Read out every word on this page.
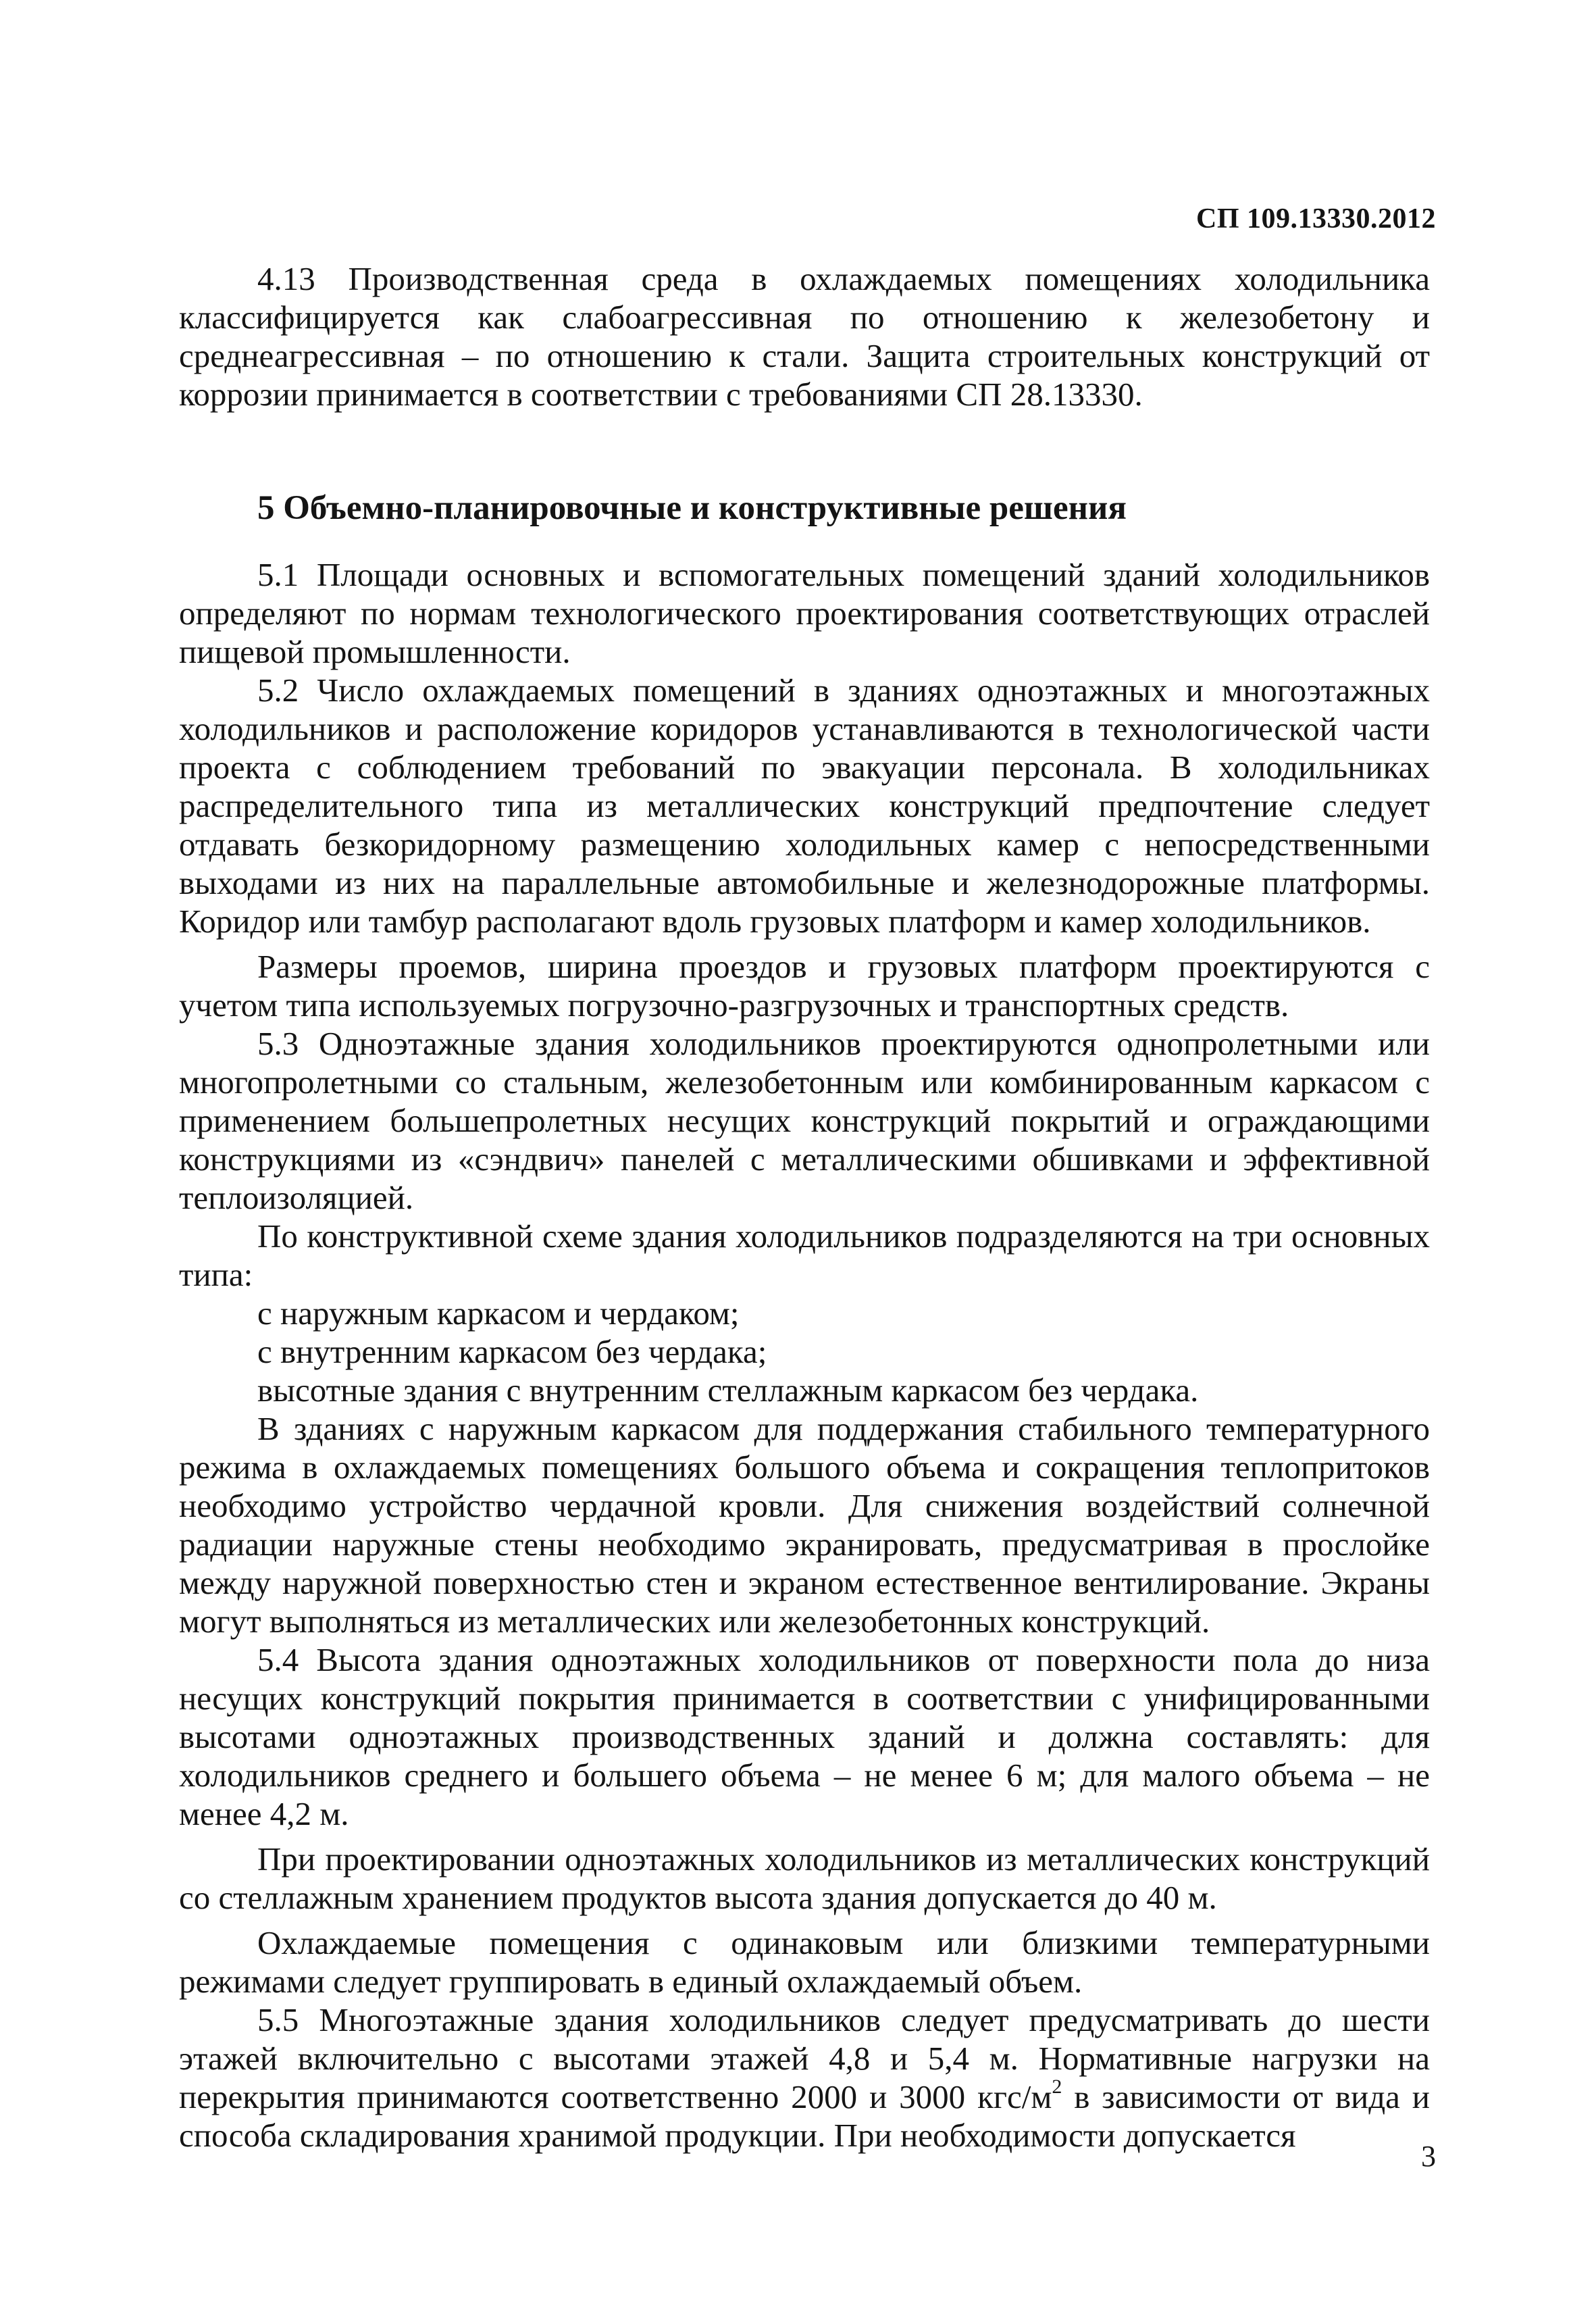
СП 109.13330.2012

4.13 Производственная среда в охлаждаемых помещениях холодильника классифицируется как слабоагрессивная по отношению к железобетону и среднеагрессивная – по отношению к стали. Защита строительных конструкций от коррозии принимается в соответствии с требованиями СП 28.13330.

5 Объемно-планировочные и конструктивные решения

5.1 Площади основных и вспомогательных помещений зданий холодильников определяют по нормам технологического проектирования соответствующих отраслей пищевой промышленности.

5.2 Число охлаждаемых помещений в зданиях одноэтажных и многоэтажных холодильников и расположение коридоров устанавливаются в технологической части проекта с соблюдением требований по эвакуации персонала. В холодильниках распределительного типа из металлических конструкций предпочтение следует отдавать безкоридорному размещению холодильных камер с непосредственными выходами из них на параллельные автомобильные и железнодорожные платформы. Коридор или тамбур располагают вдоль грузовых платформ и камер холодильников.

Размеры проемов, ширина проездов и грузовых платформ проектируются с учетом типа используемых погрузочно-разгрузочных и транспортных средств.

5.3 Одноэтажные здания холодильников проектируются однопролетными или многопролетными со стальным, железобетонным или комбинированным каркасом с применением большепролетных несущих конструкций покрытий и ограждающими конструкциями из «сэндвич» панелей с металлическими обшивками и эффективной теплоизоляцией.

По конструктивной схеме здания холодильников подразделяются на три основных типа:

с наружным каркасом и чердаком;

с внутренним каркасом без чердака;

высотные здания с внутренним стеллажным каркасом без чердака.

В зданиях с наружным каркасом для поддержания стабильного температурного режима в охлаждаемых помещениях большого объема и сокращения теплопритоков необходимо устройство чердачной кровли. Для снижения воздействий солнечной радиации наружные стены необходимо экранировать, предусматривая в прослойке между наружной поверхностью стен и экраном естественное вентилирование. Экраны могут выполняться из металлических или железобетонных конструкций.

5.4 Высота здания одноэтажных холодильников от поверхности пола до низа несущих конструкций покрытия принимается в соответствии с унифицированными высотами одноэтажных производственных зданий и должна составлять: для холодильников среднего и большего объема – не менее 6 м; для малого объема – не менее 4,2 м.

При проектировании одноэтажных холодильников из металлических конструкций со стеллажным хранением продуктов высота здания допускается до 40 м.

Охлаждаемые помещения с одинаковым или близкими температурными режимами следует группировать в единый охлаждаемый объем.

5.5 Многоэтажные здания холодильников следует предусматривать до шести этажей включительно с высотами этажей 4,8 и 5,4 м. Нормативные нагрузки на перекрытия принимаются соответственно 2000 и 3000 кгс/$м^2$ в зависимости от вида и способа складирования хранимой продукции. При необходимости допускается

3
